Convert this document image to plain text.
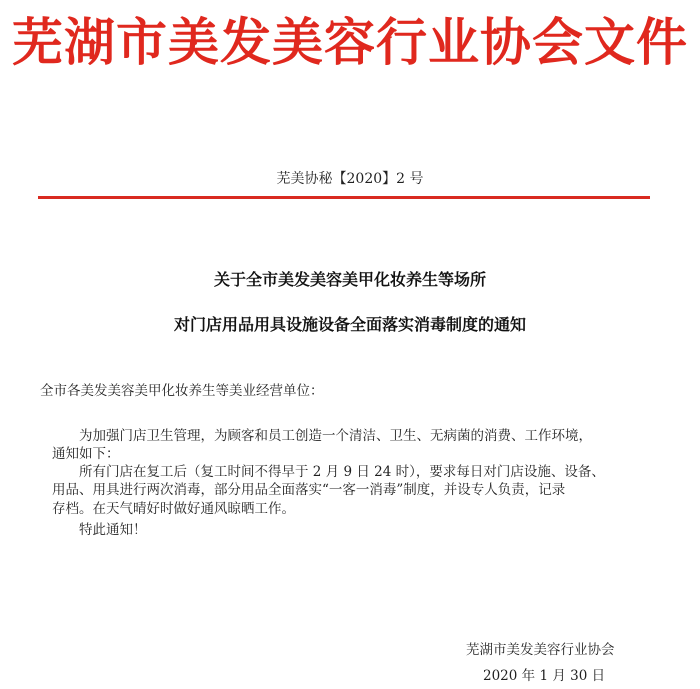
芜湖市美发美容行业协会文件
芜美协秘【2020】2 号
关于全市美发美容美甲化妆养生等场所
对门店用品用具设施设备全面落实消毒制度的通知
全市各美发美容美甲化妆养生等美业经营单位：
为加强门店卫生管理，为顾客和员工创造一个清洁、卫生、无病菌的消费、工作环境，
通知如下：
所有门店在复工后（复工时间不得早于 2 月 9 日 24 时），要求每日对门店设施、设备、
用品、用具进行两次消毒，部分用品全面落实“一客一消毒”制度，并设专人负责，记录
存档。在天气晴好时做好通风晾晒工作。
特此通知！
芜湖市美发美容行业协会
2020 年 1 月 30 日
